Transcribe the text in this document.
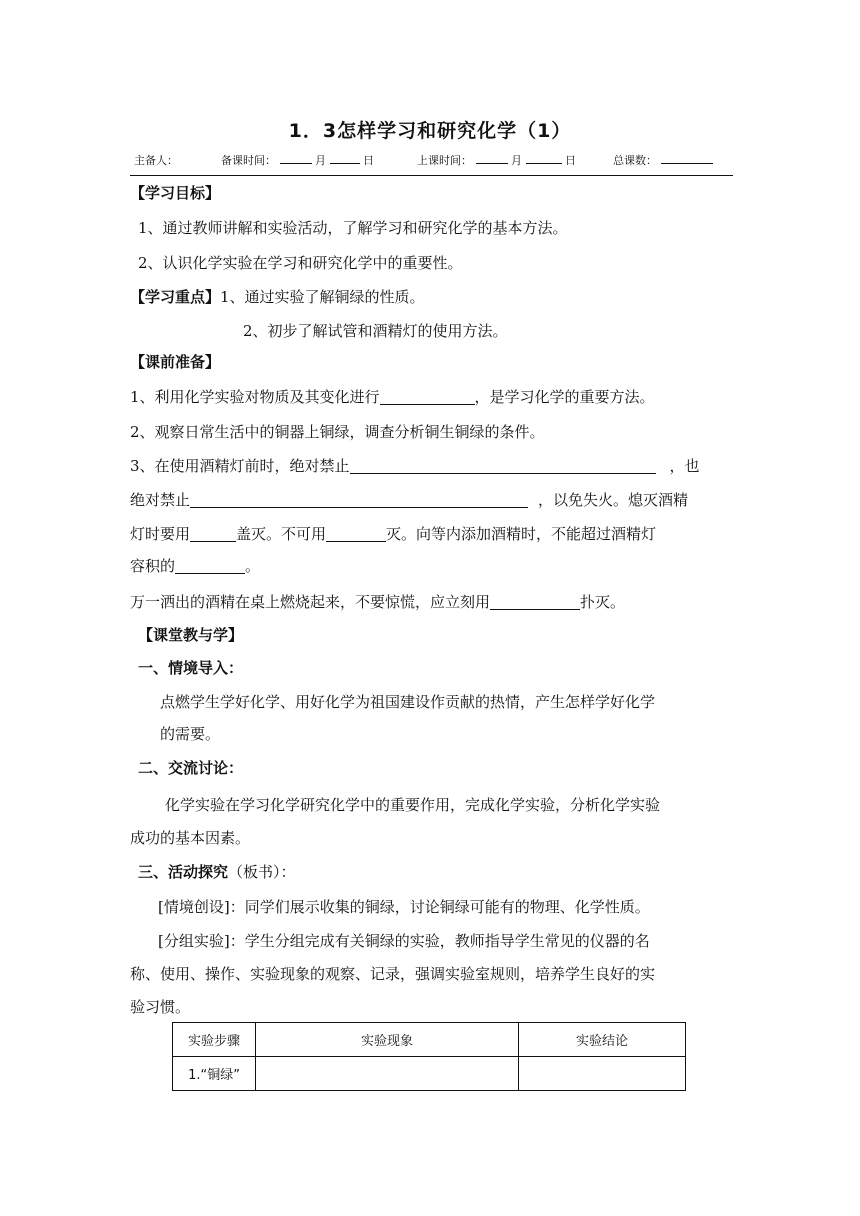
1．3怎样学习和研究化学（1）
主备人：	备课时间：	月	日	上课时间：	月	日	总课数：
【学习目标】
1、通过教师讲解和实验活动，了解学习和研究化学的基本方法。
2、认识化学实验在学习和研究化学中的重要性。
【学习重点】1、通过实验了解铜绿的性质。
2、初步了解试管和酒精灯的使用方法。
【课前准备】
1、利用化学实验对物质及其变化进行	，是学习化学的重要方法。
2、观察日常生活中的铜器上铜绿，调查分析铜生铜绿的条件。
3、在使用酒精灯前时，绝对禁止	，也
绝对禁止	，以免失火。熄灭酒精
灯时要用	盖灭。不可用	灭。向等内添加酒精时，不能超过酒精灯
容积的	。
万一洒出的酒精在桌上燃烧起来，不要惊慌，应立刻用	扑灭。
【课堂教与学】
一、情境导入：
点燃学生学好化学、用好化学为祖国建设作贡献的热情，产生怎样学好化学
的需要。
二、交流讨论：
化学实验在学习化学研究化学中的重要作用，完成化学实验，分析化学实验
成功的基本因素。
三、活动探究（板书）：
[情境创设]：同学们展示收集的铜绿，讨论铜绿可能有的物理、化学性质。
[分组实验]：学生分组完成有关铜绿的实验，教师指导学生常见的仪器的名
称、使用、操作、实验现象的观察、记录，强调实验室规则，培养学生良好的实
验习惯。
实验步骤	实验现象	实验结论
1.“铜绿”		
